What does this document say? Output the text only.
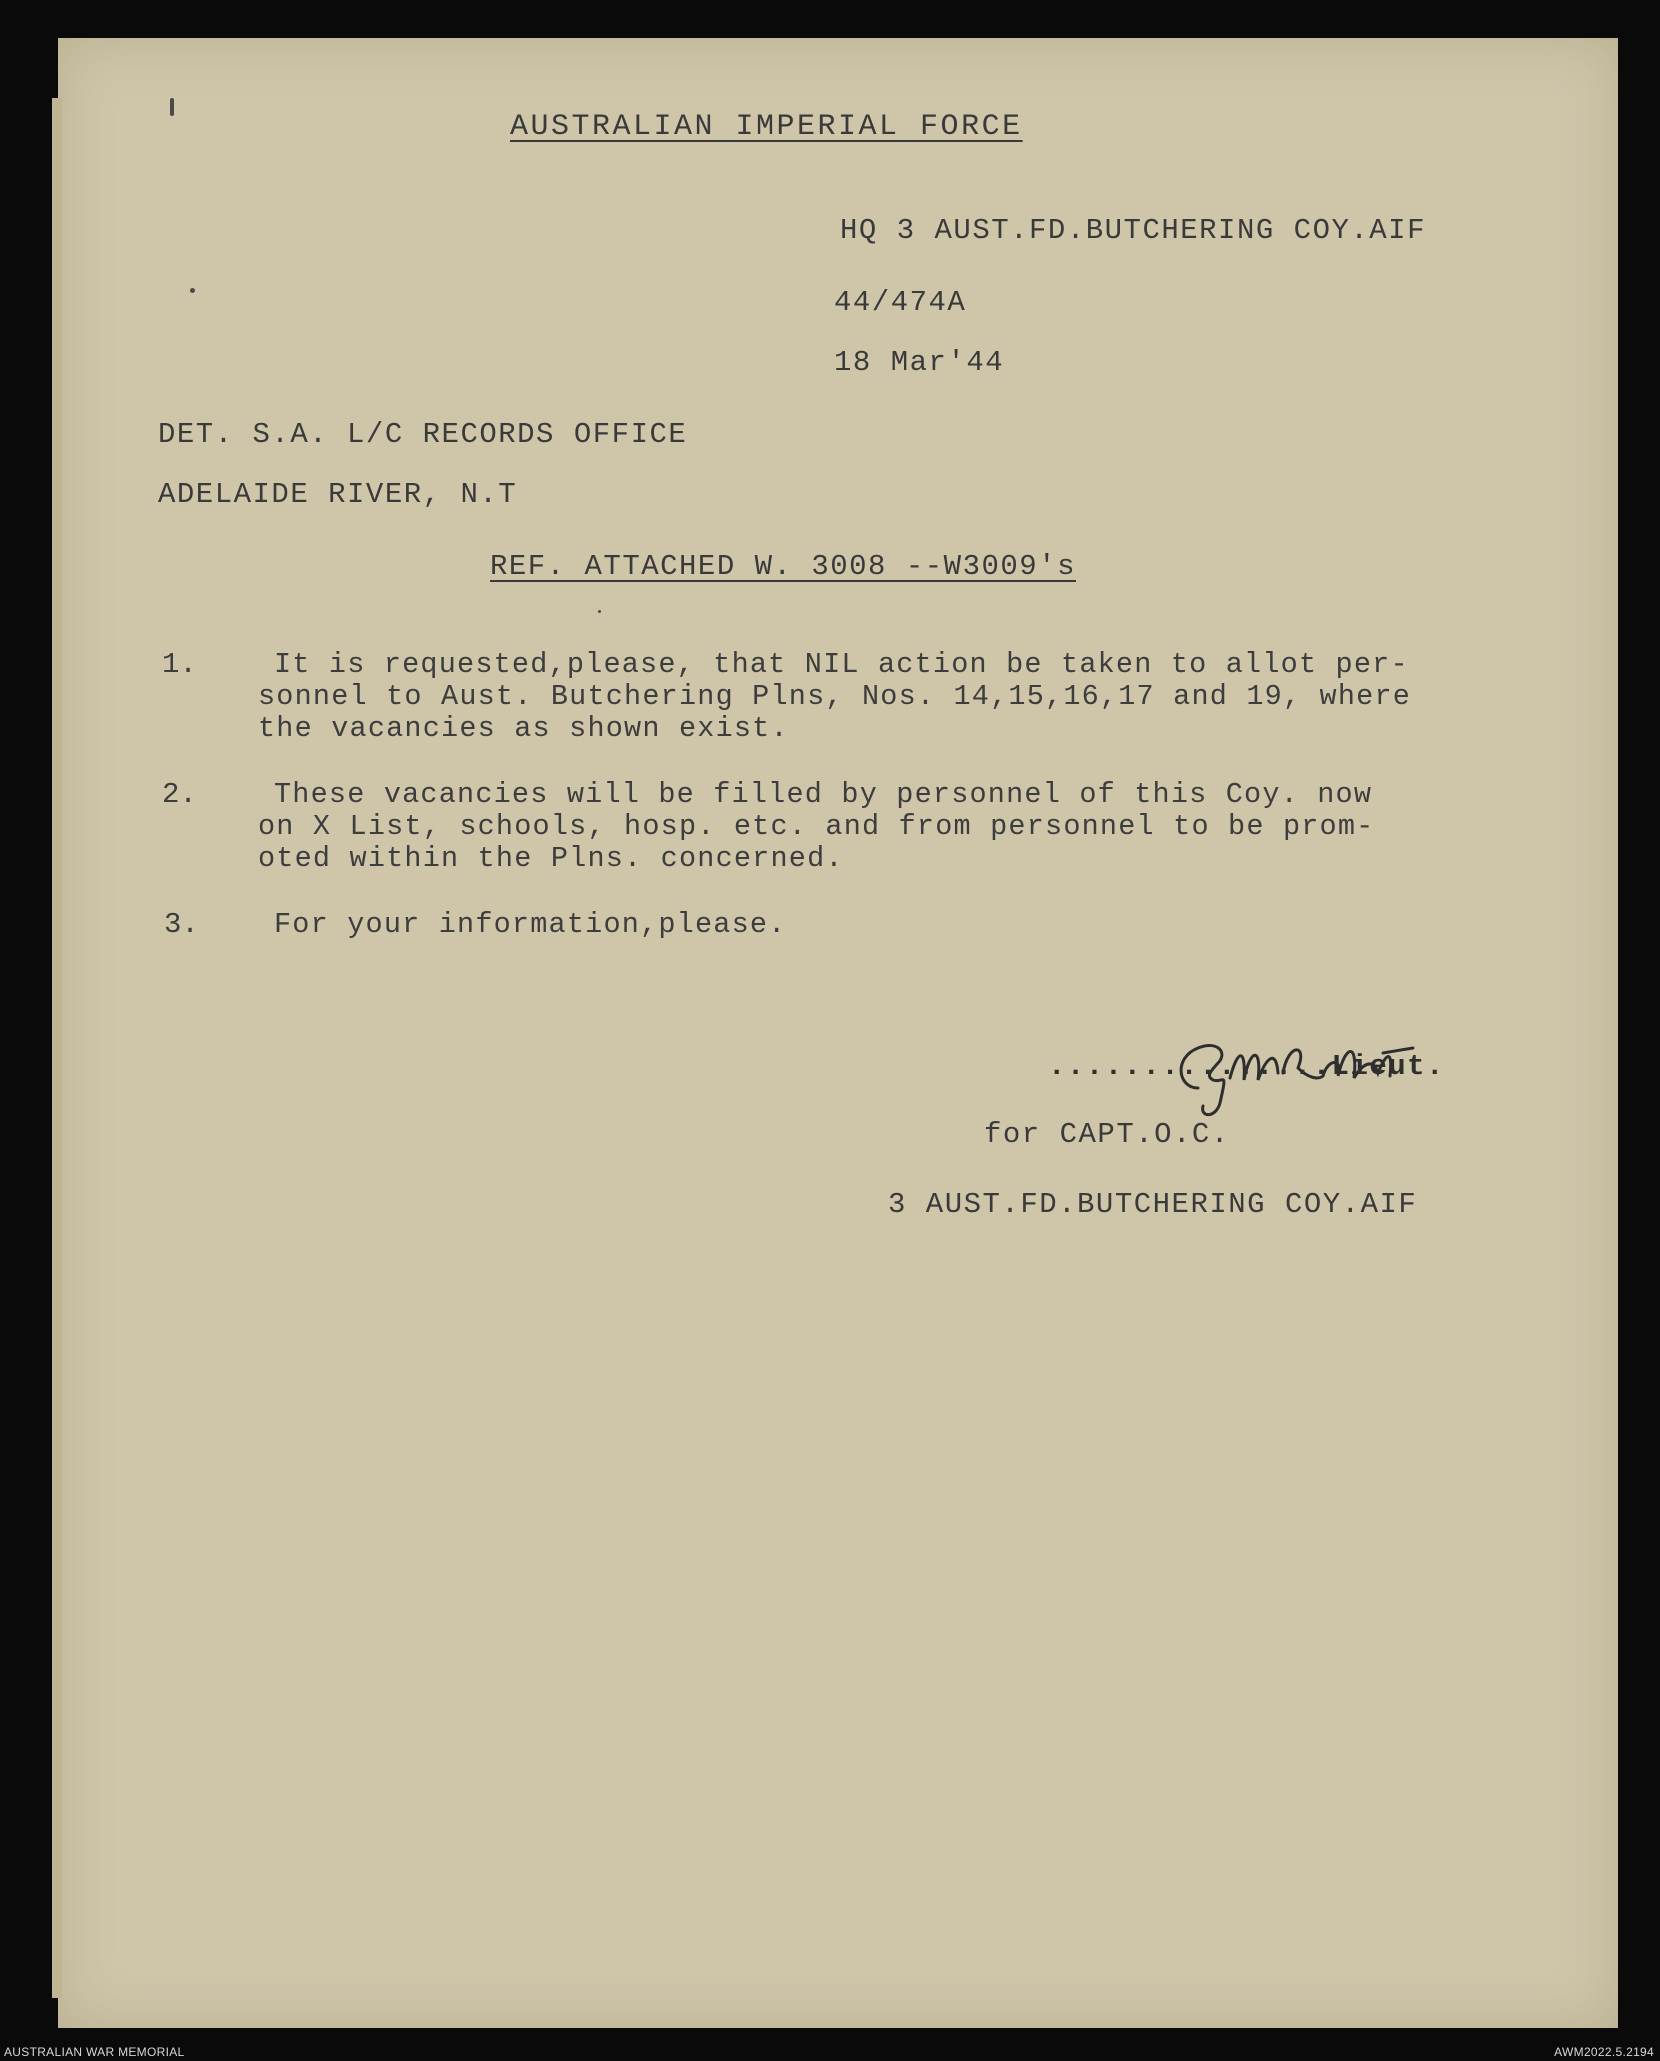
AUSTRALIAN IMPERIAL FORCE
HQ 3 AUST.FD.BUTCHERING COY.AIF
44/474A
18 Mar'44
DET. S.A. L/C RECORDS OFFICE
ADELAIDE RIVER, N.T
REF. ATTACHED W. 3008 --W3009's
1.	It is requested,please, that NIL action be taken to allot per-
sonnel to Aust. Butchering Plns, Nos. 14,15,16,17 and 19, where
the vacancies as shown exist.
2.	These vacancies will be filled by personnel of this Coy. now
on X List, schools, hosp. etc. and from personnel to be prom-
oted within the Plns. concerned.
3.	For your information,please.
...............Lieut.
for CAPT.O.C.
3 AUST.FD.BUTCHERING COY.AIF
AUSTRALIAN WAR MEMORIAL	AWM2022.5.2194
